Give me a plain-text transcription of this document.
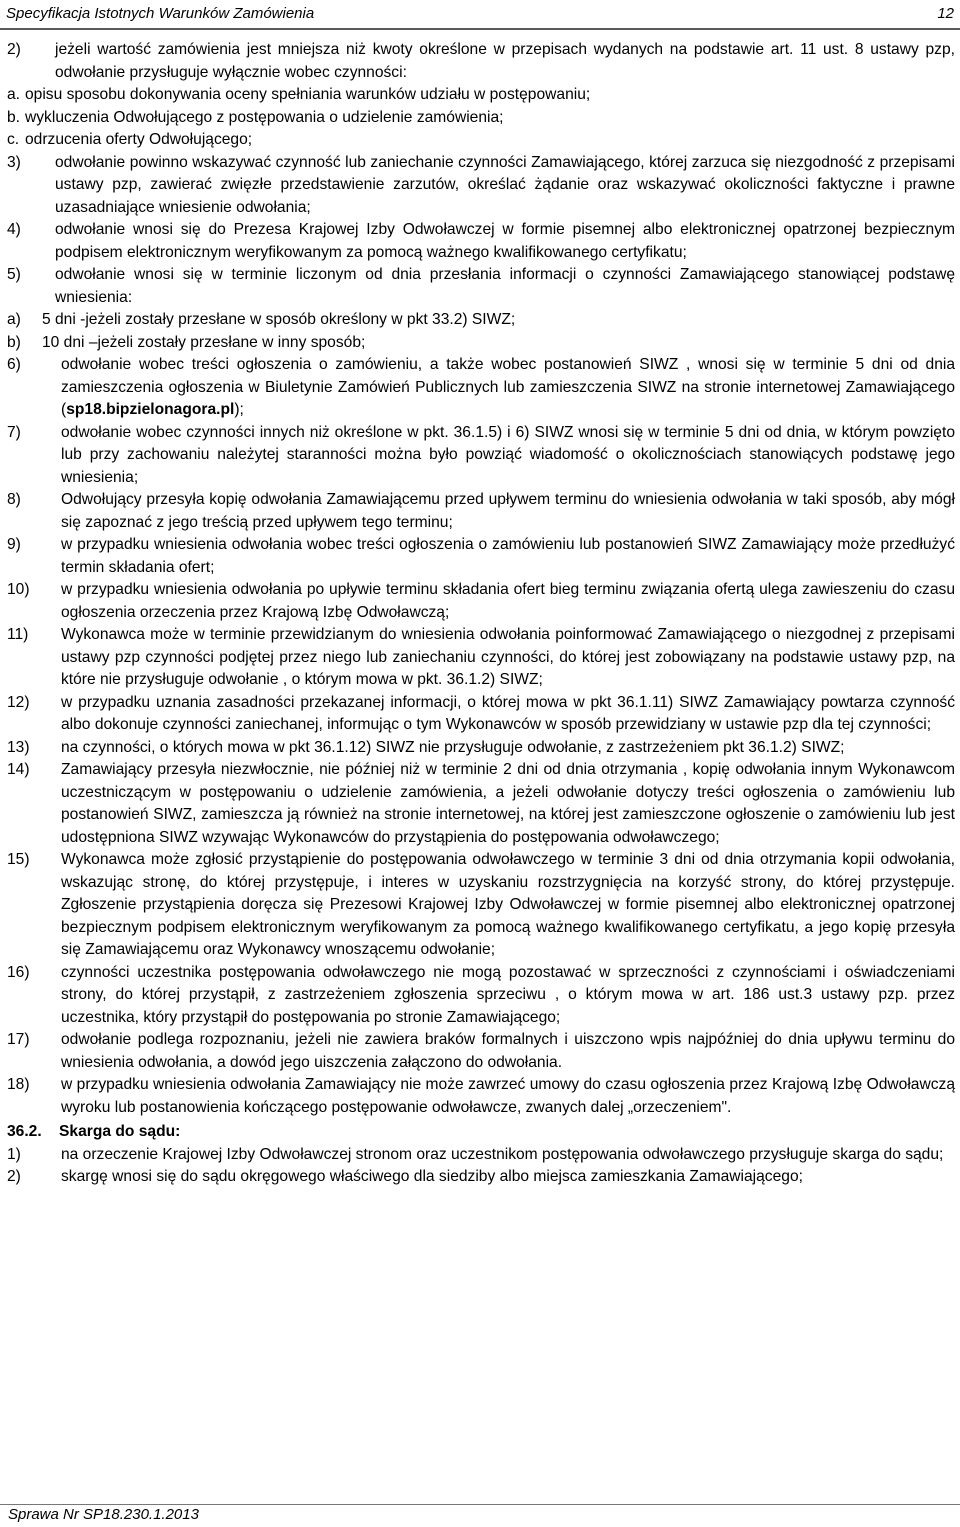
Specyfikacja Istotnych Warunków Zamówienia	12
2)	jeżeli wartość zamówienia jest mniejsza niż kwoty określone w przepisach wydanych na podstawie art. 11 ust. 8 ustawy pzp, odwołanie przysługuje wyłącznie wobec czynności:
a. opisu sposobu dokonywania oceny spełniania warunków udziału w postępowaniu;
b. wykluczenia Odwołującego z postępowania o udzielenie zamówienia;
c. odrzucenia oferty Odwołującego;
3)	odwołanie powinno wskazywać czynność lub zaniechanie czynności Zamawiającego, której zarzuca się niezgodność z przepisami ustawy pzp, zawierać zwięzłe przedstawienie zarzutów, określać żądanie oraz wskazywać okoliczności faktyczne i prawne uzasadniające wniesienie odwołania;
4)	odwołanie wnosi się do Prezesa Krajowej Izby Odwoławczej w formie pisemnej albo elektronicznej opatrzonej bezpiecznym podpisem elektronicznym weryfikowanym za pomocą ważnego kwalifikowanego certyfikatu;
5)	odwołanie wnosi się w terminie liczonym od dnia przesłania informacji o czynności Zamawiającego stanowiącej podstawę wniesienia:
a)	5 dni -jeżeli zostały przesłane w sposób określony w pkt 33.2) SIWZ;
b)	10 dni –jeżeli zostały przesłane w inny sposób;
6)	odwołanie wobec treści ogłoszenia o zamówieniu, a także wobec postanowień SIWZ , wnosi się w terminie 5 dni od dnia zamieszczenia ogłoszenia w Biuletynie Zamówień Publicznych lub zamieszczenia SIWZ na stronie internetowej Zamawiającego (sp18.bipzielonagora.pl);
7)	odwołanie wobec czynności innych niż określone w pkt. 36.1.5) i 6) SIWZ wnosi się w terminie 5 dni od dnia, w którym powzięto lub przy zachowaniu należytej staranności można było powziąć wiadomość o okolicznościach stanowiących podstawę jego wniesienia;
8)	Odwołujący przesyła kopię odwołania Zamawiającemu przed upływem terminu do wniesienia odwołania w taki sposób, aby mógł się zapoznać z jego treścią przed upływem tego terminu;
9)	w przypadku wniesienia odwołania wobec treści ogłoszenia o zamówieniu lub postanowień SIWZ Zamawiający może przedłużyć termin składania ofert;
10)	w przypadku wniesienia odwołania po upływie terminu składania ofert bieg terminu związania ofertą ulega zawieszeniu do czasu ogłoszenia orzeczenia przez Krajową Izbę Odwoławczą;
11)	Wykonawca może w terminie przewidzianym do wniesienia odwołania poinformować Zamawiającego o niezgodnej z przepisami ustawy pzp czynności podjętej przez niego lub zaniechaniu czynności, do której jest zobowiązany na podstawie ustawy pzp, na które nie przysługuje odwołanie , o którym mowa w pkt. 36.1.2) SIWZ;
12)	w przypadku uznania zasadności przekazanej informacji, o której mowa w pkt 36.1.11) SIWZ Zamawiający powtarza czynność albo dokonuje czynności zaniechanej, informując o tym Wykonawców w sposób przewidziany w ustawie pzp dla tej czynności;
13)	na czynności, o których mowa w pkt 36.1.12) SIWZ nie przysługuje odwołanie, z zastrzeżeniem pkt 36.1.2) SIWZ;
14)	Zamawiający przesyła niezwłocznie, nie później niż w terminie 2 dni od dnia otrzymania , kopię odwołania innym Wykonawcom uczestniczącym w postępowaniu o udzielenie zamówienia, a jeżeli odwołanie dotyczy treści ogłoszenia o zamówieniu lub postanowień SIWZ, zamieszcza ją również na stronie internetowej, na której jest zamieszczone ogłoszenie o zamówieniu lub jest udostępniona SIWZ wzywając Wykonawców do przystąpienia do postępowania odwoławczego;
15)	Wykonawca może zgłosić przystąpienie do postępowania odwoławczego w terminie 3 dni od dnia otrzymania kopii odwołania, wskazując stronę, do której przystępuje, i interes w uzyskaniu rozstrzygnięcia na korzyść strony, do której przystępuje. Zgłoszenie przystąpienia doręcza się Prezesowi Krajowej Izby Odwoławczej w formie pisemnej albo elektronicznej opatrzonej bezpiecznym podpisem elektronicznym weryfikowanym za pomocą ważnego kwalifikowanego certyfikatu, a jego kopię przesyła się Zamawiającemu oraz Wykonawcy wnoszącemu odwołanie;
16)	czynności uczestnika postępowania odwoławczego nie mogą pozostawać w sprzeczności z czynnościami i oświadczeniami strony, do której przystąpił, z zastrzeżeniem zgłoszenia sprzeciwu , o którym mowa w art. 186 ust.3 ustawy pzp. przez uczestnika, który przystąpił do postępowania po stronie Zamawiającego;
17)	odwołanie podlega rozpoznaniu, jeżeli nie zawiera braków formalnych i uiszczono wpis najpóźniej do dnia upływu terminu do wniesienia odwołania, a dowód jego uiszczenia załączono do odwołania.
18)	w przypadku wniesienia odwołania Zamawiający nie może zawrzeć umowy do czasu ogłoszenia przez Krajową Izbę Odwoławczą wyroku lub postanowienia kończącego postępowanie odwoławcze, zwanych dalej „orzeczeniem".
36.2.	Skarga do sądu:
1)	na orzeczenie Krajowej Izby Odwoławczej stronom oraz uczestnikom postępowania odwoławczego przysługuje skarga do sądu;
2)	skargę wnosi się do sądu okręgowego właściwego dla siedziby albo miejsca zamieszkania Zamawiającego;
Sprawa Nr SP18.230.1.2013
